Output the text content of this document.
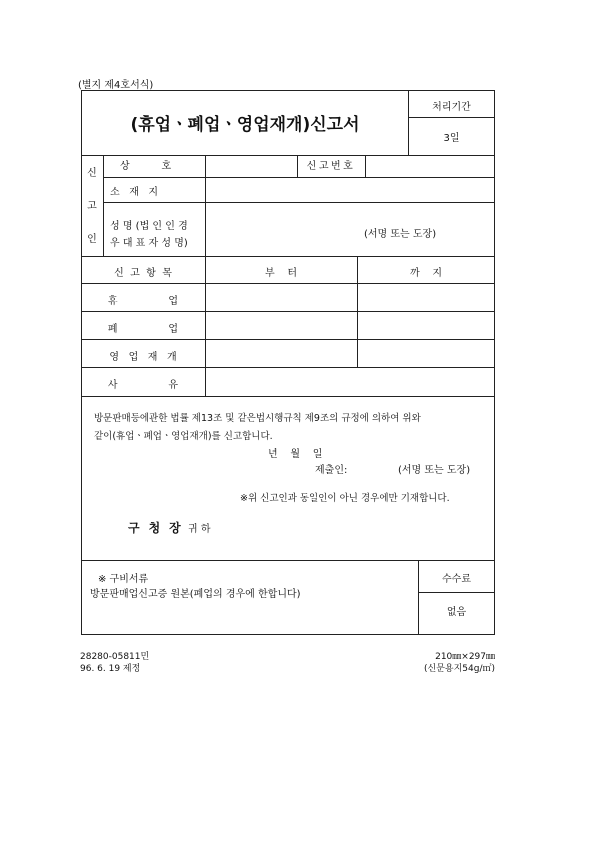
(별지 제4호서식)
(휴업ㆍ폐업ㆍ영업재개)신고서
처리기간
3일
신
고
인
상          호	신고번호
소   재   지
성 명 (법 인 인 경
우 대 표 자 성 명)
(서명 또는 도장)
신  고  항  목	부    터	까    지
휴                업
폐                업
영   업   재   개
사                유
방문판매등에관한 법률 제13조 및 같은법시행규칙 제9조의 규정에 의하여 위와
같이(휴업ㆍ폐업ㆍ영업재개)를 신고합니다.
년    월    일
제출인:	(서명 또는 도장)
※위 신고인과 동일인이 아닌 경우에만 기재합니다.
구 청 장 귀 하
※ 구비서류
방문판매업신고증 원본(폐업의 경우에 한합니다)
수수료
없음
28280-05811민
96. 6. 19 제정
210㎜×297㎜
(신문용지54g/㎡)
